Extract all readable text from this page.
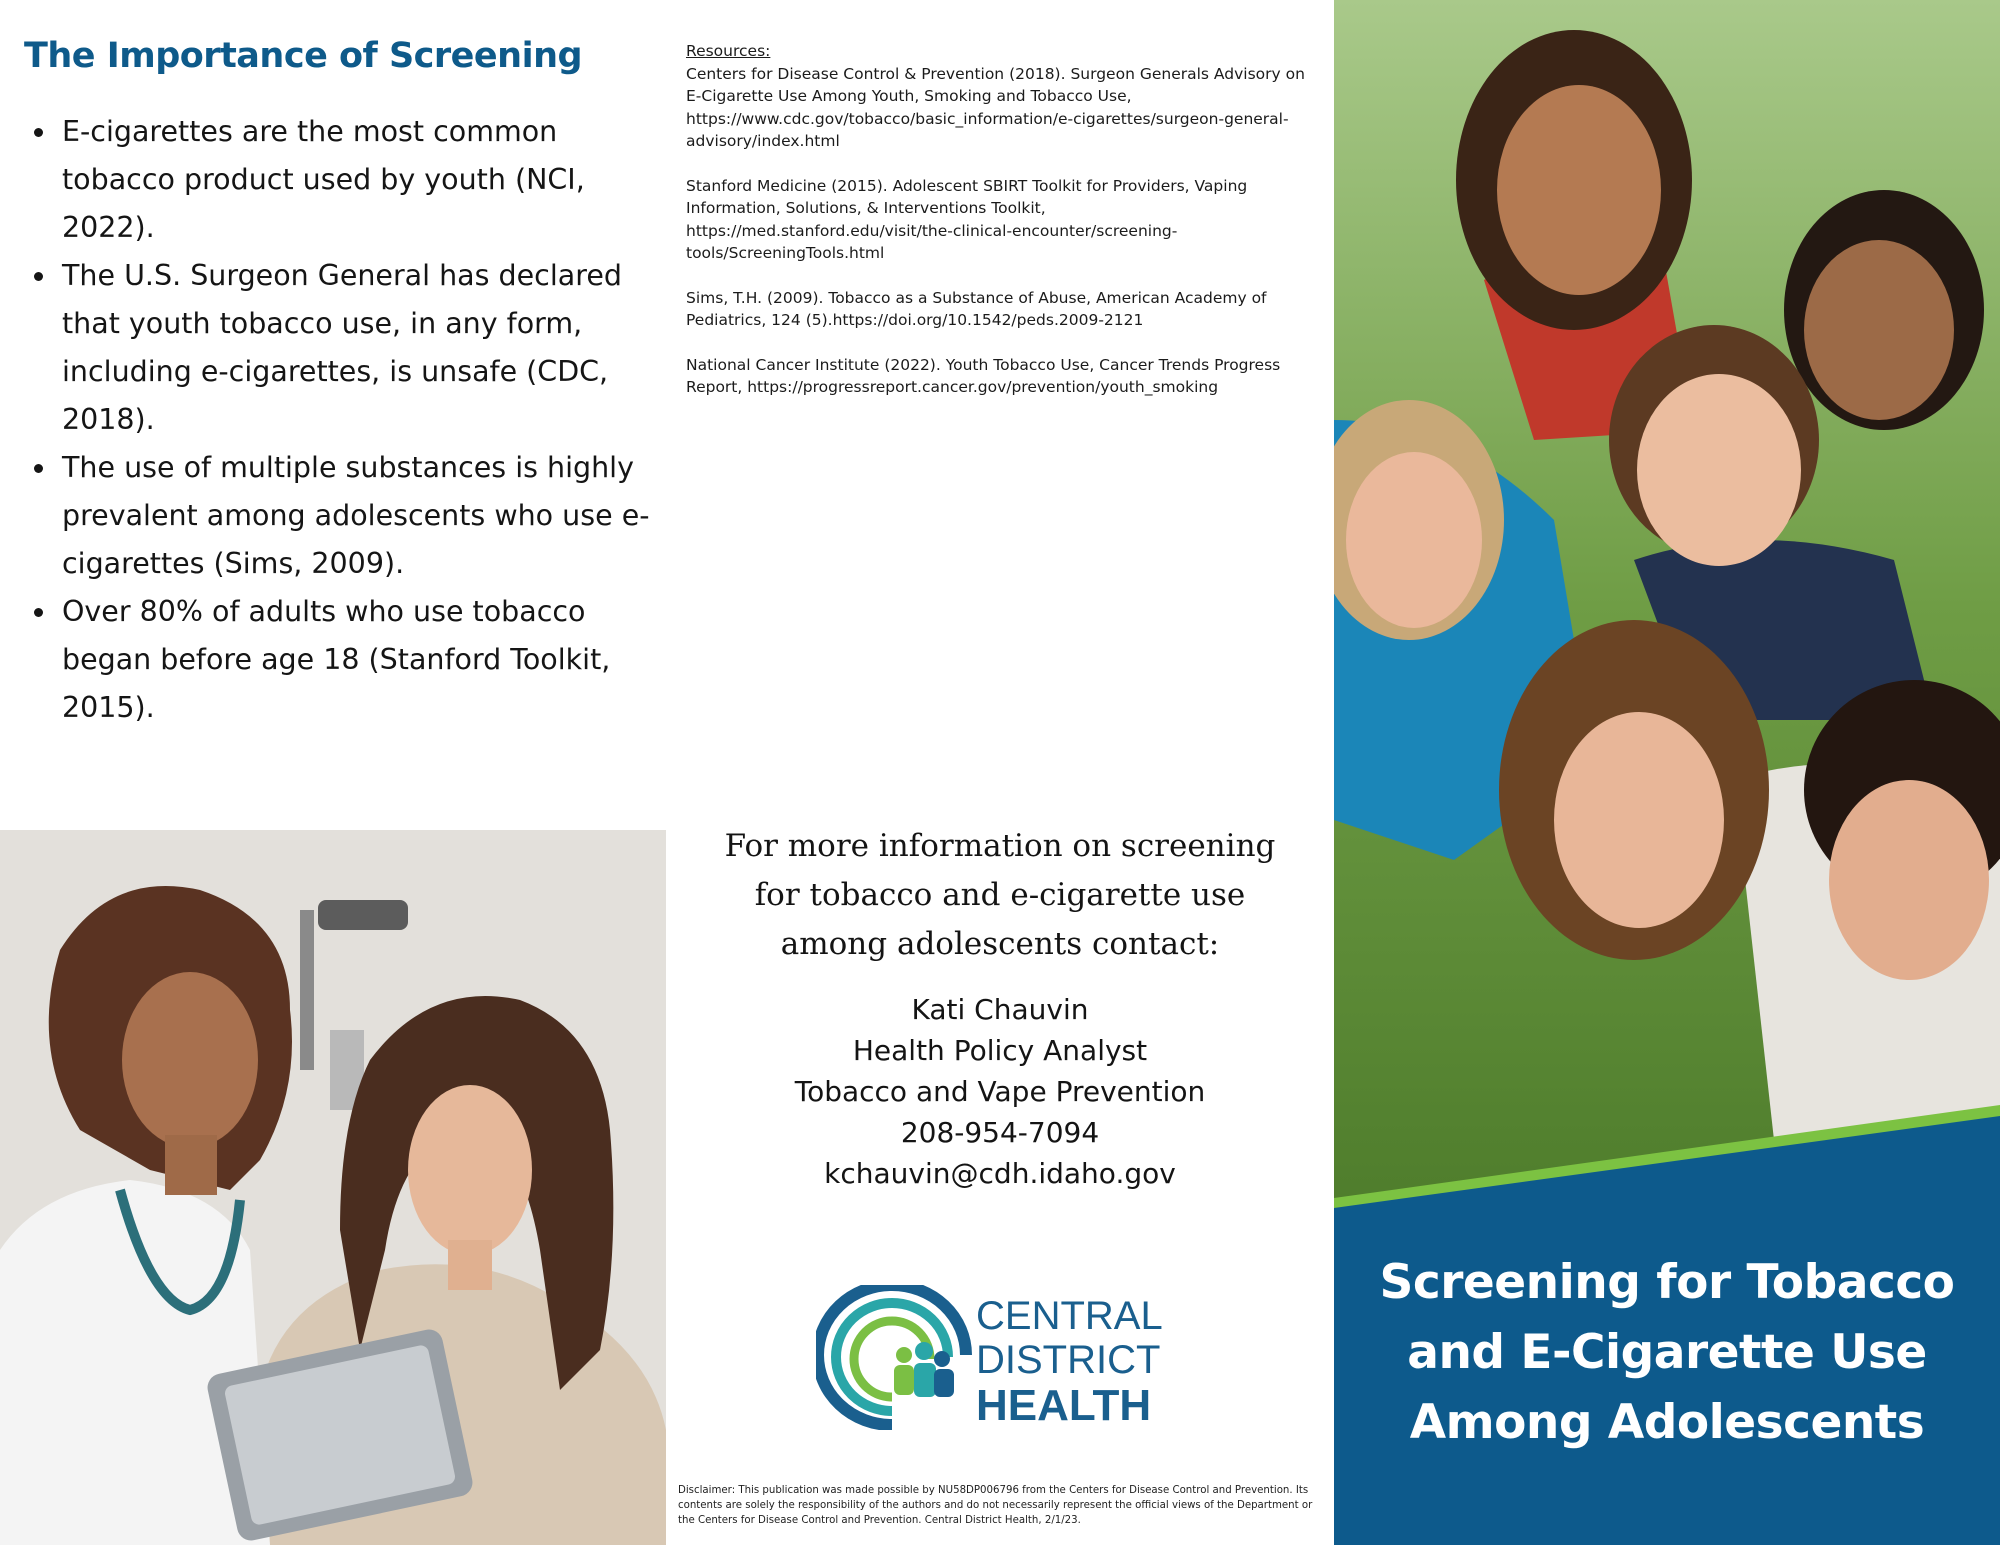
The Importance of Screening
E-cigarettes are the most common tobacco product used by youth (NCI, 2022).
The U.S. Surgeon General has declared that youth tobacco use, in any form, including e-cigarettes, is unsafe (CDC, 2018).
The use of multiple substances is highly prevalent among adolescents who use e-cigarettes (Sims, 2009).
Over 80% of adults who use tobacco began before age 18 (Stanford Toolkit, 2015).
Resources:
Centers for Disease Control & Prevention (2018). Surgeon Generals Advisory on E-Cigarette Use Among Youth, Smoking and Tobacco Use, https://www.cdc.gov/tobacco/basic_information/e-cigarettes/surgeon-general-advisory/index.html
Stanford Medicine (2015). Adolescent SBIRT Toolkit for Providers, Vaping Information, Solutions, & Interventions Toolkit, https://med.stanford.edu/visit/the-clinical-encounter/screening-tools/ScreeningTools.html
Sims, T.H. (2009). Tobacco as a Substance of Abuse, American Academy of Pediatrics, 124 (5).https://doi.org/10.1542/peds.2009-2121
National Cancer Institute (2022). Youth Tobacco Use, Cancer Trends Progress Report, https://progressreport.cancer.gov/prevention/youth_smoking

For more information on screening for tobacco and e-cigarette use among adolescents contact:

Kati Chauvin
Health Policy Analyst
Tobacco and Vape Prevention
208-954-7094
kchauvin@cdh.idaho.gov
CENTRAL
DISTRICT
HEALTH
Disclaimer: This publication was made possible by NU58DP006796 from the Centers for Disease Control and Prevention. Its contents are solely the responsibility of the authors and do not necessarily represent the official views of the Department or the Centers for Disease Control and Prevention. Central District Health, 2/1/23.
Screening for Tobacco and E-Cigarette Use Among Adolescents
